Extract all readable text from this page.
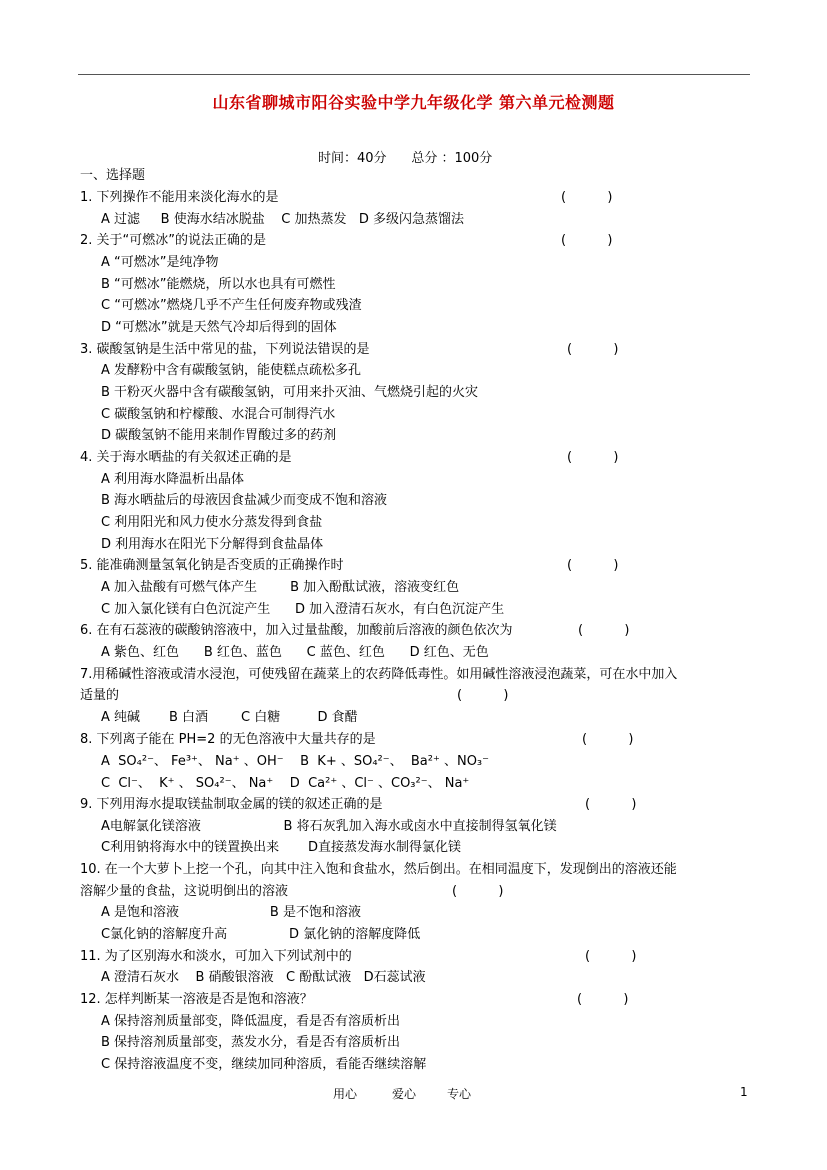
山东省聊城市阳谷实验中学九年级化学 第六单元检测题
时间：40分      总分 ：100分
一、选择题
1. 下列操作不能用来淡化海水的是
A 过滤     B 使海水结冰脱盐    C 加热蒸发   D 多级闪急蒸馏法
2. 关于“可燃冰”的说法正确的是
A “可燃冰”是纯净物
B “可燃冰”能燃烧，所以水也具有可燃性
C “可燃冰”燃烧几乎不产生任何废弃物或残渣
D “可燃冰”就是天然气冷却后得到的固体
3. 碳酸氢钠是生活中常见的盐，下列说法错误的是
A 发酵粉中含有碳酸氢钠，能使糕点疏松多孔
B 干粉灭火器中含有碳酸氢钠，可用来扑灭油、气燃烧引起的火灾
C 碳酸氢钠和柠檬酸、水混合可制得汽水
D 碳酸氢钠不能用来制作胃酸过多的药剂
4. 关于海水晒盐的有关叙述正确的是
A 利用海水降温析出晶体
B 海水晒盐后的母液因食盐减少而变成不饱和溶液
C 利用阳光和风力使水分蒸发得到食盐
D 利用海水在阳光下分解得到食盐晶体
5. 能准确测量氢氧化钠是否变质的正确操作时
A 加入盐酸有可燃气体产生        B 加入酚酞试液，溶液变红色
C 加入氯化镁有白色沉淀产生      D 加入澄清石灰水，有白色沉淀产生
6. 在有石蕊液的碳酸钠溶液中，加入过量盐酸，加酸前后溶液的颜色依次为
A 紫色、红色      B 红色、蓝色      C 蓝色、红色      D 红色、无色
7.用稀碱性溶液或清水浸泡，可使残留在蔬菜上的农药降低毒性。如用碱性溶液浸泡蔬菜，可在水中加入
适量的
A 纯碱       B 白酒        C 白糖         D 食醋
8. 下列离子能在 PH=2 的无色溶液中大量共存的是
A  SO₄²⁻、 Fe³⁺、 Na⁺ 、OH⁻    B  K+ 、SO₄²⁻、  Ba²⁺ 、NO₃⁻
C  Cl⁻、  K⁺ 、 SO₄²⁻、 Na⁺    D  Ca²⁺ 、Cl⁻ 、CO₃²⁻、 Na⁺
9. 下列用海水提取镁盐制取金属的镁的叙述正确的是
A电解氯化镁溶液                    B 将石灰乳加入海水或卤水中直接制得氢氧化镁
C利用钠将海水中的镁置换出来       D直接蒸发海水制得氯化镁
10. 在一个大萝卜上挖一个孔，向其中注入饱和食盐水，然后倒出。在相同温度下，发现倒出的溶液还能
溶解少量的食盐，这说明倒出的溶液
A 是饱和溶液                      B 是不饱和溶液
C氯化钠的溶解度升高               D 氯化钠的溶解度降低
11. 为了区别海水和淡水，可加入下列试剂中的
A 澄清石灰水    B 硝酸银溶液   C 酚酞试液   D石蕊试液
12. 怎样判断某一溶液是否是饱和溶液？
A 保持溶剂质量部变，降低温度，看是否有溶质析出
B 保持溶剂质量部变，蒸发水分，看是否有溶质析出
C 保持溶液温度不变，继续加同种溶质，看能否继续溶解
(          )
(          )
(          )
(          )
(          )
(          )
(          )
(          )
(          )
(          )
(          )
(          )
用心	爱心	专心	1
